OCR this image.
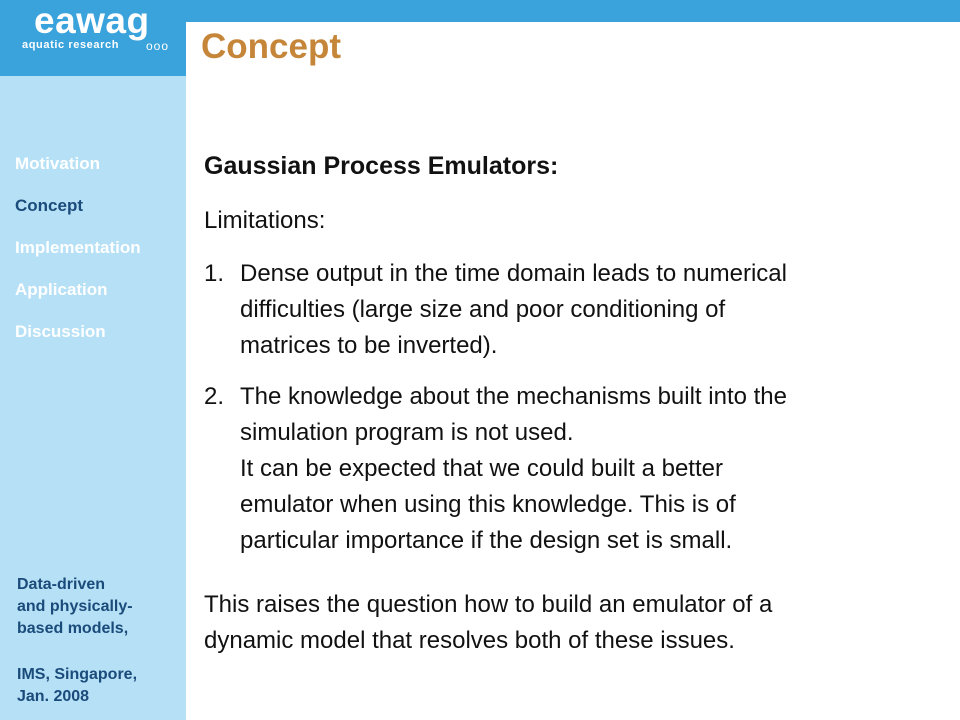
eawag
aquatic research ooo Concept
Motivation
Concept
Implementation
Application
Discussion
Data-driven
and physically-
based models,
IMS, Singapore,
Jan. 2008
Gaussian Process Emulators:
Limitations:
1. Dense output in the time domain leads to numerical

difficulties (large size and poor conditioning of

matrices to be inverted).

2. The knowledge about the mechanisms built into the

simulation program is not used.

It can be expected that we could built a better

emulator when using this knowledge. This is of

particular importance if the design set is small.

This raises the question how to build an emulator of a

dynamic model that resolves both of these issues.
